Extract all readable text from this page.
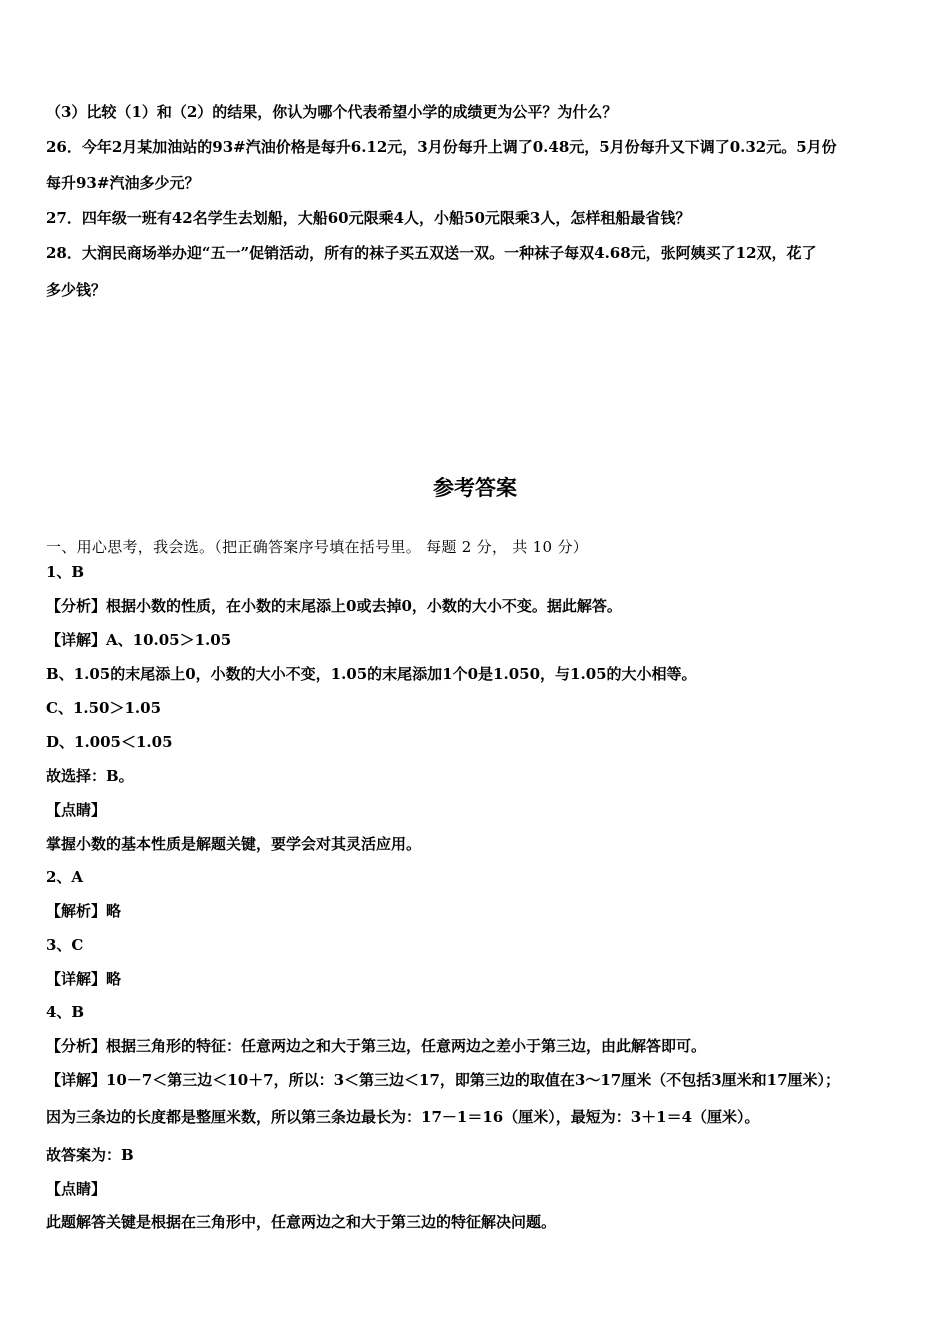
（3）比较（1）和（2）的结果，你认为哪个代表希望小学的成绩更为公平？为什么？
26．今年2月某加油站的93#汽油价格是每升6.12元，3月份每升上调了0.48元，5月份每升又下调了0.32元。5月份
每升93#汽油多少元？
27．四年级一班有42名学生去划船，大船60元限乘4人，小船50元限乘3人，怎样租船最省钱？
28．大润民商场举办迎“五一”促销活动，所有的袜子买五双送一双。一种袜子每双4.68元，张阿姨买了12双，花了
多少钱？
参考答案
一、用心思考，我会选。（把正确答案序号填在括号里。 每题 2 分， 共 10 分）
1、B
【分析】根据小数的性质，在小数的末尾添上0或去掉0，小数的大小不变。据此解答。
【详解】A、10.05＞1.05
B、1.05的末尾添上0，小数的大小不变，1.05的末尾添加1个0是1.050，与1.05的大小相等。
C、1.50＞1.05
D、1.005＜1.05
故选择：B。
【点睛】
掌握小数的基本性质是解题关键，要学会对其灵活应用。
2、A
【解析】略
3、C
【详解】略
4、B
【分析】根据三角形的特征：任意两边之和大于第三边，任意两边之差小于第三边，由此解答即可。
【详解】10－7＜第三边＜10＋7，所以：3＜第三边＜17，即第三边的取值在3～17厘米（不包括3厘米和17厘米）；
因为三条边的长度都是整厘米数，所以第三条边最长为：17－1＝16（厘米），最短为：3＋1＝4（厘米）。
故答案为：B
【点睛】
此题解答关键是根据在三角形中，任意两边之和大于第三边的特征解决问题。
